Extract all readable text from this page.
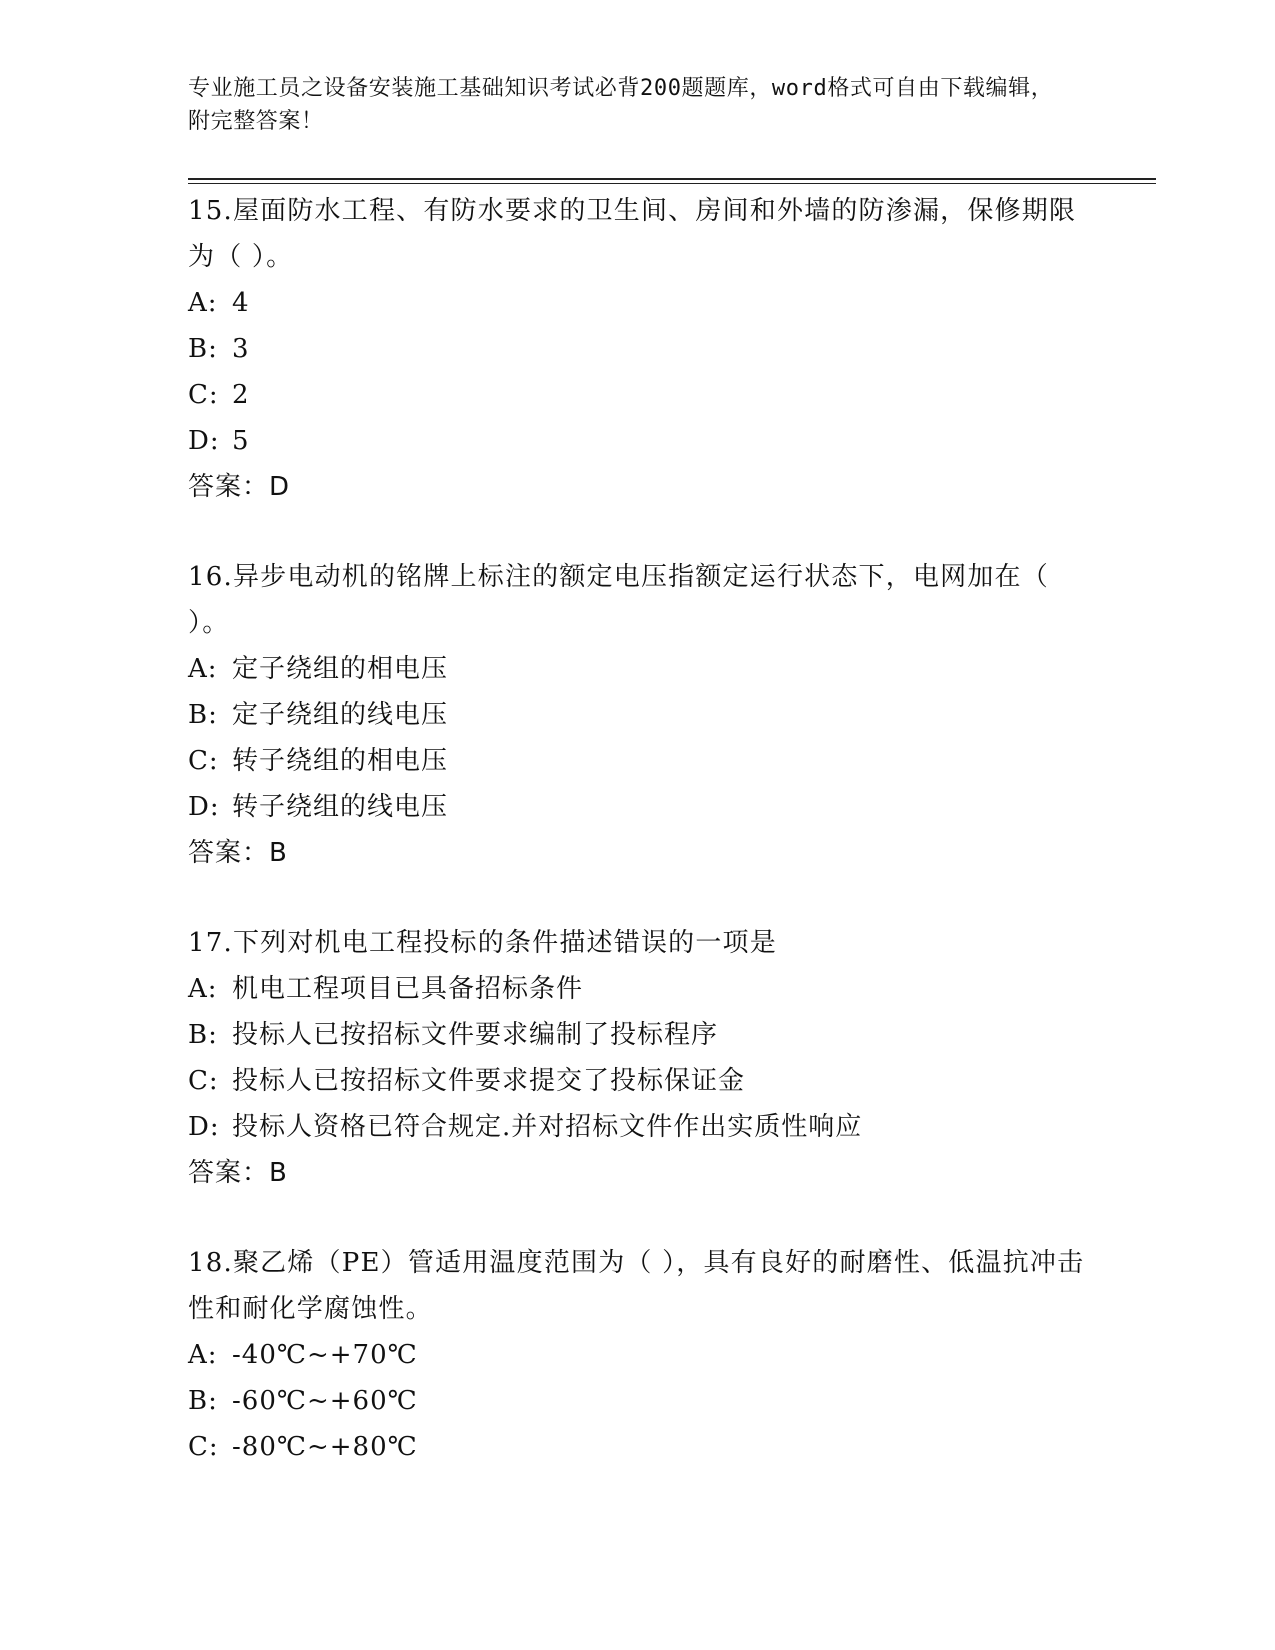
专业施工员之设备安装施工基础知识考试必背200题题库，word格式可自由下载编辑，附完整答案！
15.屋面防水工程、有防水要求的卫生间、房间和外墙的防渗漏，保修期限为（ ）。
A: 4
B: 3
C: 2
D: 5
答案：D
16.异步电动机的铭牌上标注的额定电压指额定运行状态下，电网加在（ ）。
A: 定子绕组的相电压
B: 定子绕组的线电压
C: 转子绕组的相电压
D: 转子绕组的线电压
答案：B
17.下列对机电工程投标的条件描述错误的一项是
A: 机电工程项目已具备招标条件
B: 投标人已按招标文件要求编制了投标程序
C: 投标人已按招标文件要求提交了投标保证金
D: 投标人资格已符合规定.并对招标文件作出实质性响应
答案：B
18.聚乙烯（PE）管适用温度范围为（ ），具有良好的耐磨性、低温抗冲击性和耐化学腐蚀性。
A: -40℃~+70℃
B: -60℃~+60℃
C: -80℃~+80℃
